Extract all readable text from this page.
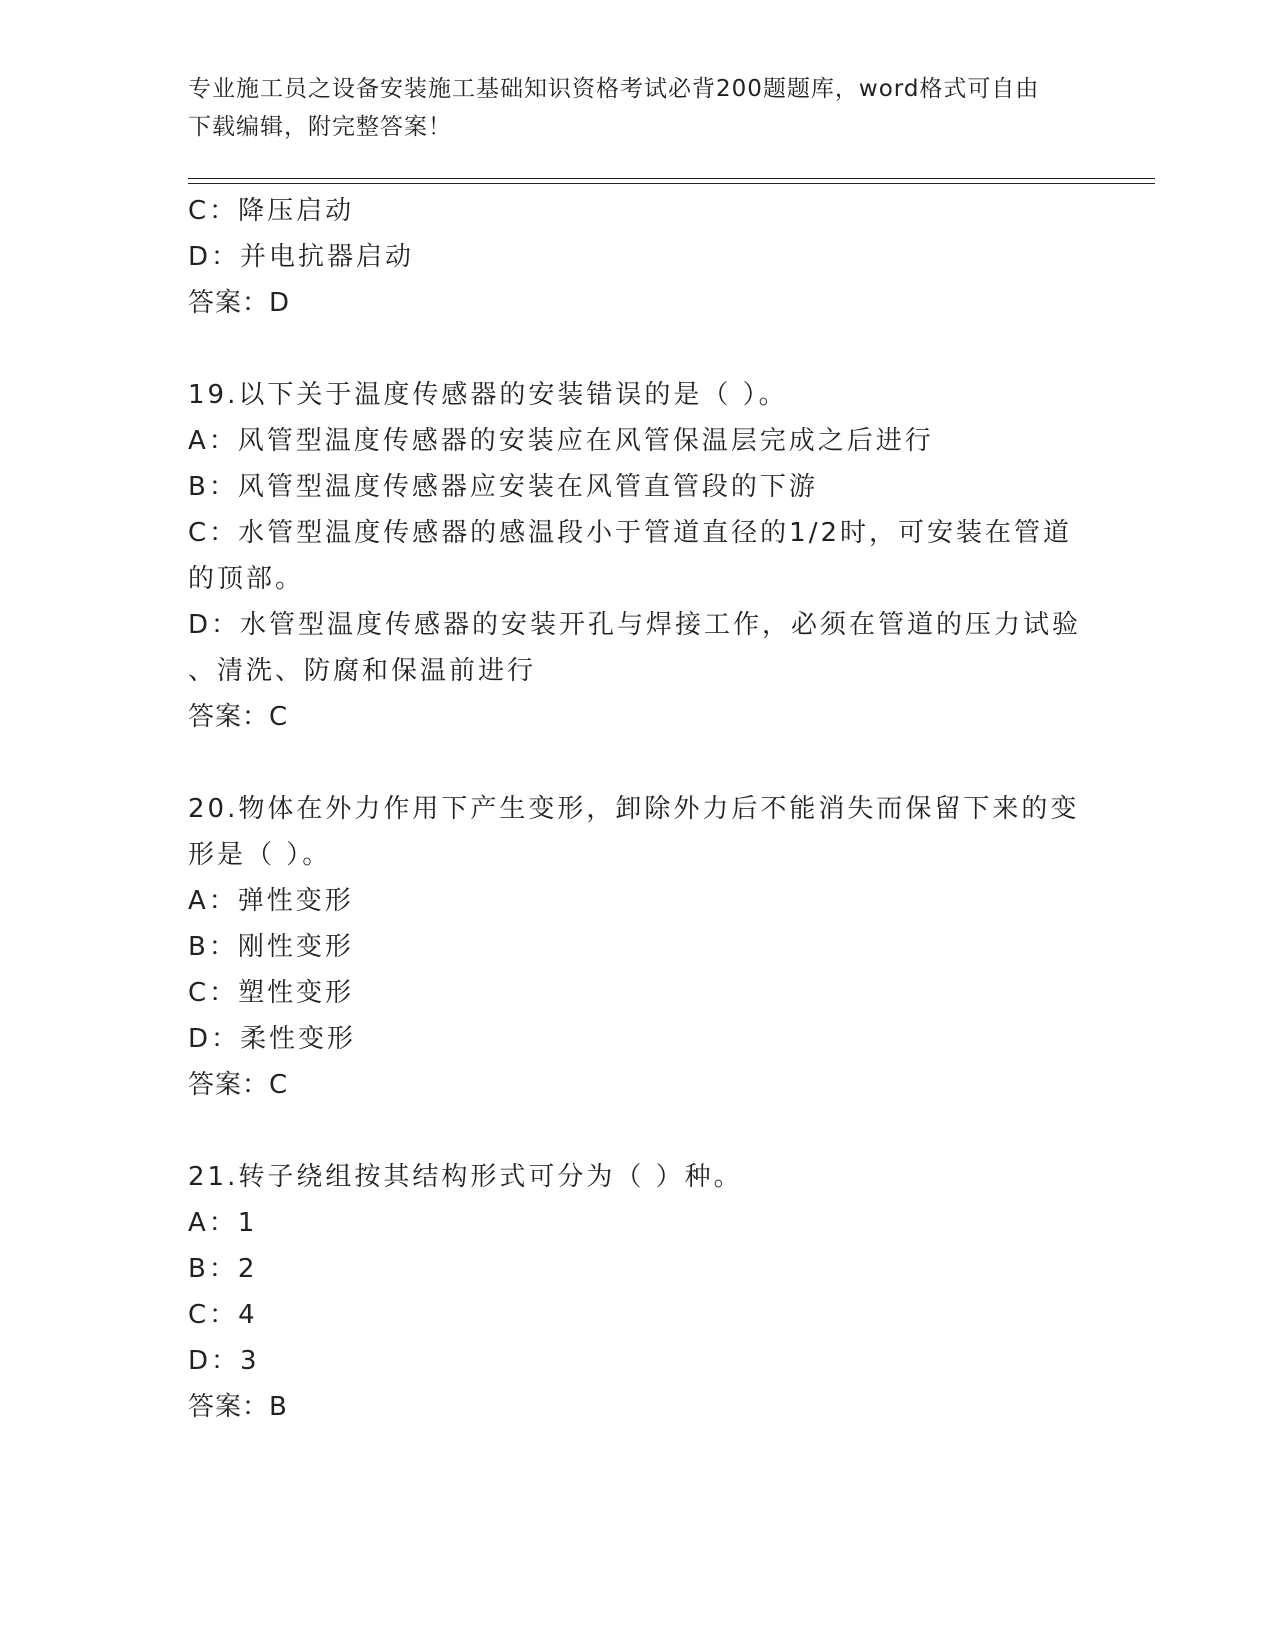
专业施工员之设备安装施工基础知识资格考试必背200题题库，word格式可自由
下载编辑，附完整答案！
C：降压启动
D：并电抗器启动
答案：D
19.以下关于温度传感器的安装错误的是（ ）。
A：风管型温度传感器的安装应在风管保温层完成之后进行
B：风管型温度传感器应安装在风管直管段的下游
C：水管型温度传感器的感温段小于管道直径的1/2时，可安装在管道
的顶部。
D：水管型温度传感器的安装开孔与焊接工作，必须在管道的压力试验
、清洗、防腐和保温前进行
答案：C
20.物体在外力作用下产生变形，卸除外力后不能消失而保留下来的变
形是（ ）。
A：弹性变形
B：刚性变形
C：塑性变形
D：柔性变形
答案：C
21.转子绕组按其结构形式可分为（ ）种。
A：1
B：2
C：4
D：3
答案：B
